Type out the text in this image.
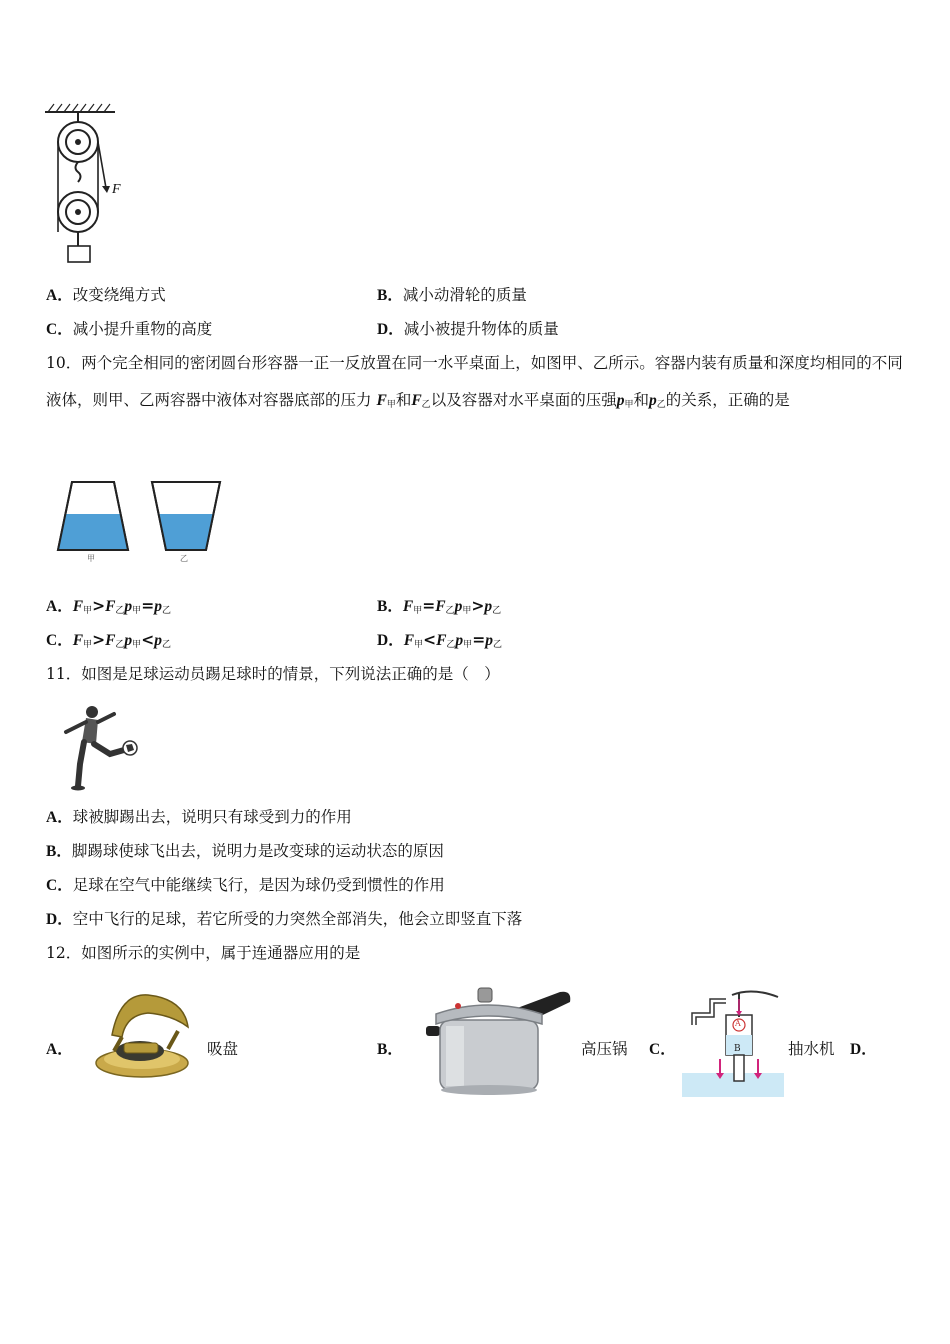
F
A．改变绕绳方式	B．减小动滑轮的质量
C．减小提升重物的高度	D．减小被提升物体的质量
10．两个完全相同的密闭圆台形容器一正一反放置在同一水平桌面上，如图甲、乙所示。容器内装有质量和深度均相同的不同液体，则甲、乙两容器中液体对容器底部的压力 $F_甲$和$F_乙$以及容器对水平桌面的压强$p_甲$和$p_乙$的关系，正确的是
甲	乙
A．$F_甲>F_乙p_甲=p_乙$	B．$F_甲=F_乙p_甲>p_乙$
C．$F_甲>F_乙p_甲<p_乙$	D．$F_甲<F_乙p_甲=p_乙$
11．如图是足球运动员踢足球时的情景，下列说法正确的是（　）
A．球被脚踢出去，说明只有球受到力的作用
B．脚踢球使球飞出去，说明力是改变球的运动状态的原因
C．足球在空气中能继续飞行，是因为球仍受到惯性的作用
D．空中飞行的足球，若它所受的力突然全部消失，他会立即竖直下落
12．如图所示的实例中，属于连通器应用的是
A．	吸盘	B．	高压锅 C．
A
B	抽水机 D．
